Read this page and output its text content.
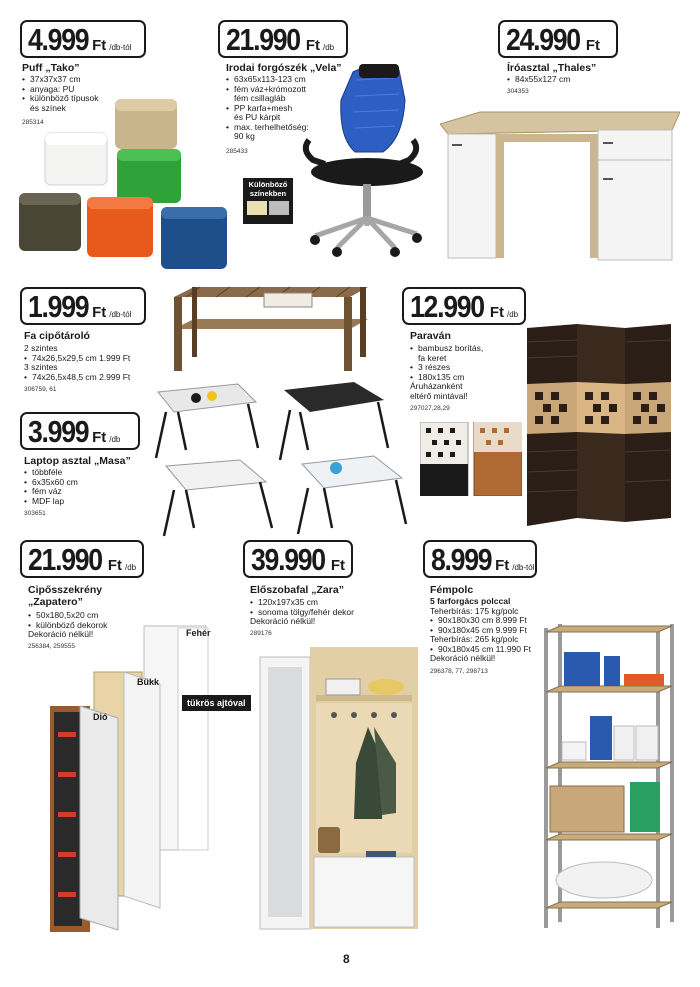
4.999 Ft /db-tól
Puff „Tako”
• 37x37x37 cm
• anyaga: PU
• különböző típusok
és színek
285314
21.990 Ft /db
Irodai forgószék „Vela”
• 63x65x113-123 cm
• fém váz+krómozott
fém csillagláb
• PP karfa+mesh
és PU kárpit
• max. terhelhetőség:
90 kg
285433
Különböző
színekben
24.990 Ft
Íróasztal „Thales”
• 84x55x127 cm
304353
1.999 Ft /db-tól
Fa cipőtároló
2 szintes
• 74x26,5x29,5 cm 1.999 Ft
3 szintes
• 74x26,5x48,5 cm 2.999 Ft
306759, 61
12.990 Ft /db
Paraván
• bambusz borítás,
fa keret
• 3 részes
• 180x135 cm
Áruházanként
eltérő mintával!
297027,28,29
3.999 Ft /db
Laptop asztal „Masa”
• többféle
• 6x35x60 cm
• fém váz
• MDF lap
303651
21.990 Ft /db
Cipősszekrény
„Zapatero”
• 50x180,5x20 cm
• különböző dekorok
Dekoráció nélkül!
256384, 259555
Fehér
Bükk
Dió
tükrös ajtóval
39.990 Ft
Előszobafal „Zara”
• 120x197x35 cm
• sonoma tölgy/fehér dekor
Dekoráció nélkül!
289176
8.999 Ft /db-tól
Fémpolc
5 farforgács polccal
Teherbírás: 175 kg/polc
• 90x180x30 cm 8.999 Ft
• 90x180x45 cm 9.999 Ft
Teherbírás: 265 kg/polc
• 90x180x45 cm 11.990 Ft
Dekoráció nélkül!
296378, 77, 298713
8
